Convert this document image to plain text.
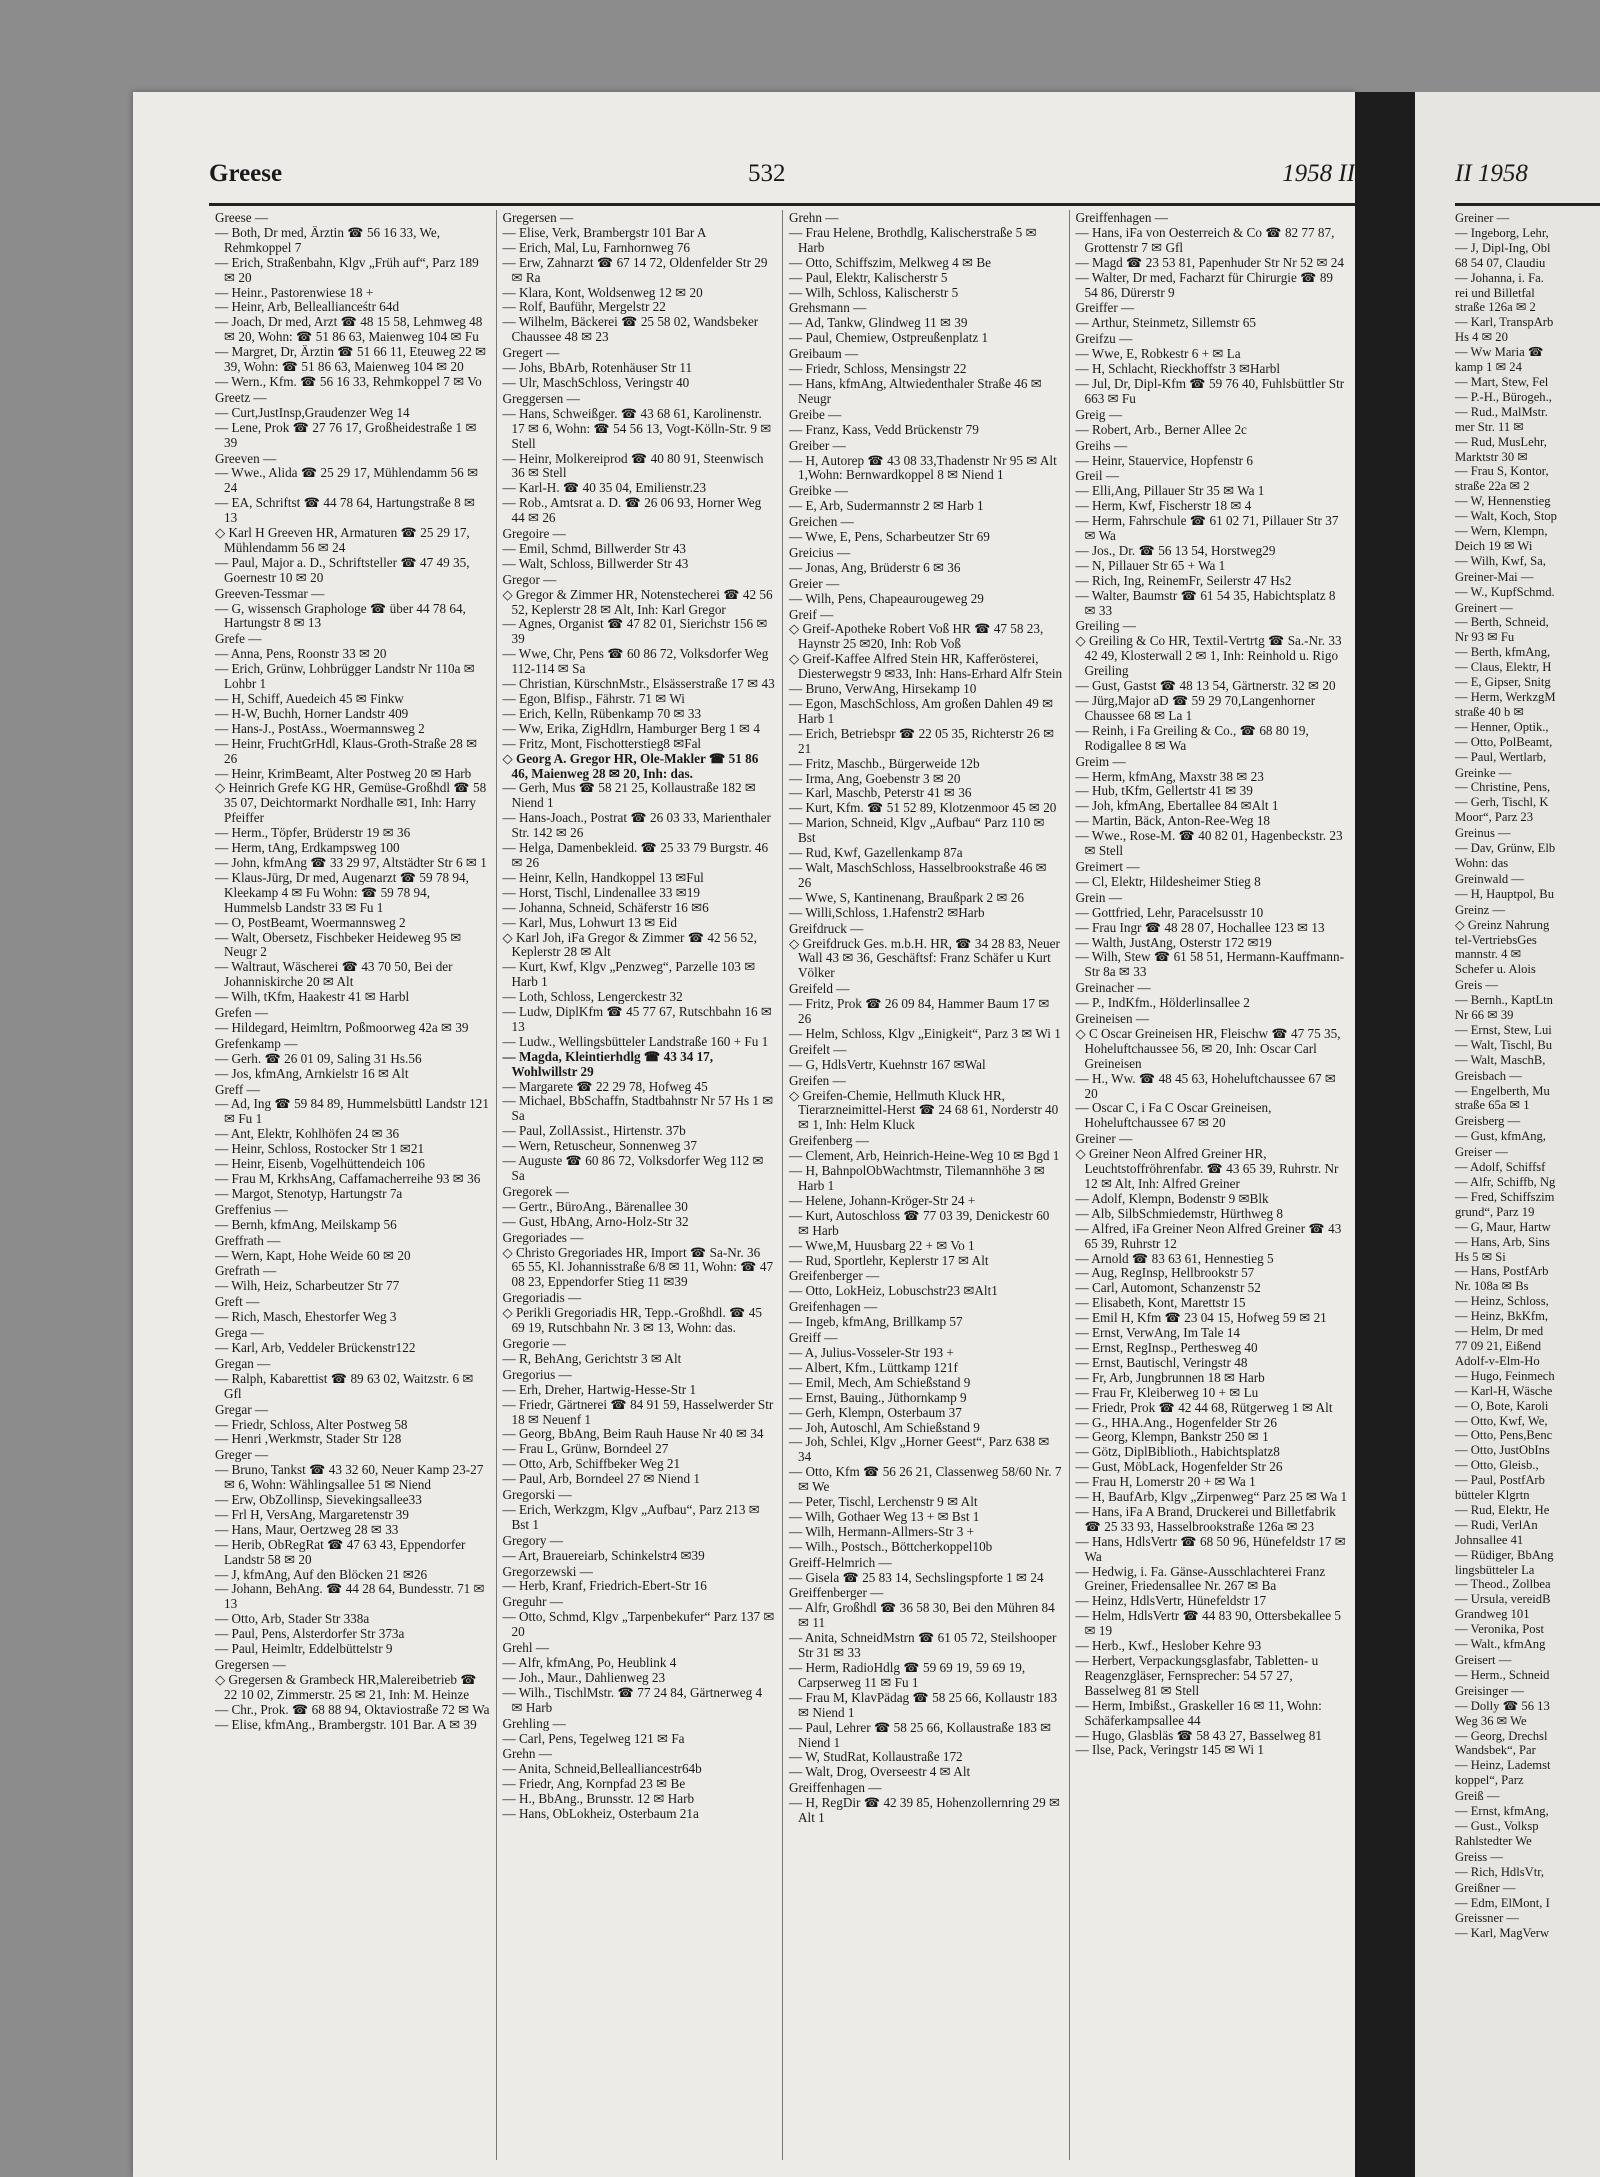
Greese	532	1958 II

Greese —

— Both, Dr med, Ärztin ☎ 56 16 33, We, Rehmkoppel 7

— Erich, Straßenbahn, Klgv „Früh auf“, Parz 189 ✉ 20

— Heinr., Pastorenwiese 18 +

— Heinr, Arb, Belleallianceśtr 64d

— Joach, Dr med, Arzt ☎ 48 15 58, Lehmweg 48 ✉ 20, Wohn: ☎ 51 86 63, Maienweg 104 ✉ Fu

— Margret, Dr, Ärztin ☎ 51 66 11, Eteuweg 22 ✉ 39, Wohn: ☎ 51 86 63, Maienweg 104 ✉ 20

— Wern., Kfm. ☎ 56 16 33, Rehmkoppel 7 ✉ Vo

Greetz —

— Curt,JustInsp,Graudenzer Weg 14

— Lene, Prok ☎ 27 76 17, Großheidestraße 1 ✉ 39

Greeven —

— Wwe., Alida ☎ 25 29 17, Mühlendamm 56 ✉ 24

— EA, Schriftst ☎ 44 78 64, Hartungstraße 8 ✉ 13

◇ Karl H Greeven HR, Armaturen ☎ 25 29 17, Mühlendamm 56 ✉ 24

— Paul, Major a. D., Schriftsteller ☎ 47 49 35, Goernestr 10 ✉ 20

Greeven-Tessmar —

— G, wissensch Graphologe ☎ über 44 78 64, Hartungstr 8 ✉ 13

Grefe —

— Anna, Pens, Roonstr 33 ✉ 20

— Erich, Grünw, Lohbrügger Landstr Nr 110a ✉ Lohbr 1

— H, Schiff, Auedeich 45 ✉ Finkw

— H-W, Buchh, Horner Landstr 409

— Hans-J., PostAss., Woermannsweg 2

— Heinr, FruchtGrHdl, Klaus-Groth-Straße 28 ✉ 26

— Heinr, KrimBeamt, Alter Postweg 20 ✉ Harb

◇ Heinrich Grefe KG HR, Gemüse-Großhdl ☎ 58 35 07, Deichtormarkt Nordhalle ✉1, Inh: Harry Pfeiffer

— Herm., Töpfer, Brüderstr 19 ✉ 36

— Herm, tAng, Erdkampsweg 100

— John, kfmAng ☎ 33 29 97, Altstädter Str 6 ✉ 1

— Klaus-Jürg, Dr med, Augenarzt ☎ 59 78 94, Kleekamp 4 ✉ Fu Wohn: ☎ 59 78 94, Hummelsb Landstr 33 ✉ Fu 1

— O, PostBeamt, Woermannsweg 2

— Walt, Obersetz, Fischbeker Heideweg 95 ✉ Neugr 2

— Waltraut, Wäscherei ☎ 43 70 50, Bei der Johanniskirche 20 ✉ Alt

— Wilh, tKfm, Haakestr 41 ✉ Harbl

Grefen —

— Hildegard, Heimltrn, Poßmoorweg 42a ✉ 39

Grefenkamp —

— Gerh. ☎ 26 01 09, Saling 31 Hs.56

— Jos, kfmAng, Arnkielstr 16 ✉ Alt

Greff —

— Ad, Ing ☎ 59 84 89, Hummelsbüttl Landstr 121 ✉ Fu 1

— Ant, Elektr, Kohlhöfen 24 ✉ 36

— Heinr, Schloss, Rostocker Str 1 ✉21

— Heinr, Eisenb, Vogelhüttendeich 106

— Frau M, KrkhsAng, Caffamacherreihe 93 ✉ 36

— Margot, Stenotyp, Hartungstr 7a

Greffenius —

— Bernh, kfmAng, Meilskamp 56

Greffrath —

— Wern, Kapt, Hohe Weide 60 ✉ 20

Grefrath —

— Wilh, Heiz, Scharbeutzer Str 77

Greft —

— Rich, Masch, Ehestorfer Weg 3

Grega —

— Karl, Arb, Veddeler Brückenstr122

Gregan —

— Ralph, Kabarettist ☎ 89 63 02, Waitzstr. 6 ✉ Gfl

Gregar —

— Friedr, Schloss, Alter Postweg 58

— Henri ,Werkmstr, Stader Str 128

Greger —

— Bruno, Tankst ☎ 43 32 60, Neuer Kamp 23-27 ✉ 6, Wohn: Wählingsallee 51 ✉ Niend

— Erw, ObZollinsp, Sievekingsallee33

— Frl H, VersAng, Margaretenstr 39

— Hans, Maur, Oertzweg 28 ✉ 33

— Herib, ObRegRat ☎ 47 63 43, Eppendorfer Landstr 58 ✉ 20

— J, kfmAng, Auf den Blöcken 21 ✉26

— Johann, BehAng. ☎ 44 28 64, Bundesstr. 71 ✉ 13

— Otto, Arb, Stader Str 338a

— Paul, Pens, Alsterdorfer Str 373a

— Paul, Heimltr, Eddelbüttelstr 9

Gregersen —

◇ Gregersen & Grambeck HR,Malereibetrieb ☎ 22 10 02, Zimmerstr. 25 ✉ 21, Inh: M. Heinze

— Chr., Prok. ☎ 68 88 94, Oktaviostraße 72 ✉ Wa

— Elise, kfmAng., Brambergstr. 101 Bar. A ✉ 39

Gregersen —

— Elise, Verk, Brambergstr 101 Bar A

— Erich, Mal, Lu, Farnhornweg 76

— Erw, Zahnarzt ☎ 67 14 72, Oldenfelder Str 29 ✉ Ra

— Klara, Kont, Woldsenweg 12 ✉ 20

— Rolf, Bauführ, Mergelstr 22

— Wilhelm, Bäckerei ☎ 25 58 02, Wandsbeker Chaussee 48 ✉ 23

Gregert —

— Johs, BbArb, Rotenhäuser Str 11

— Ulr, MaschSchloss, Veringstr 40

Greggersen —

— Hans, Schweißger. ☎ 43 68 61, Karolinenstr. 17 ✉ 6, Wohn: ☎ 54 56 13, Vogt-Kölln-Str. 9 ✉Stell

— Heinr, Molkereiprod ☎ 40 80 91, Steenwisch 36 ✉ Stell

— Karl-H. ☎ 40 35 04, Emilienstr.23

— Rob., Amtsrat a. D. ☎ 26 06 93, Horner Weg 44 ✉ 26

Gregoire —

— Emil, Schmd, Billwerder Str 43

— Walt, Schloss, Billwerder Str 43

Gregor —

◇ Gregor & Zimmer HR, Notenstecherei ☎ 42 56 52, Keplerstr 28 ✉ Alt, Inh: Karl Gregor

— Agnes, Organist ☎ 47 82 01, Sierichstr 156 ✉ 39

— Wwe, Chr, Pens ☎ 60 86 72, Volksdorfer Weg 112-114 ✉ Sa

— Christian, KürschnMstr., Elsässerstraße 17 ✉ 43

— Egon, Blfisp., Fährstr. 71 ✉ Wi

— Erich, Kelln, Rübenkamp 70 ✉ 33

— Ww, Erika, ZigHdlrn, Hamburger Berg 1 ✉ 4

— Fritz, Mont, Fischotterstieg8 ✉Fal

◇ Georg A. Gregor HR, Ole-Makler ☎ 51 86 46, Maienweg 28 ✉ 20, Inh: das.

— Gerh, Mus ☎ 58 21 25, Kollaustraße 182 ✉ Niend 1

— Hans-Joach., Postrat ☎ 26 03 33, Marienthaler Str. 142 ✉ 26

— Helga, Damenbekleid. ☎ 25 33 79 Burgstr. 46 ✉ 26

— Heinr, Kelln, Handkoppel 13 ✉Ful

— Horst, Tischl, Lindenallee 33 ✉19

— Johanna, Schneid, Schäferstr 16 ✉6

— Karl, Mus, Lohwurt 13 ✉ Eid

◇ Karl Joh, iFa Gregor & Zimmer ☎ 42 56 52, Keplerstr 28 ✉ Alt

— Kurt, Kwf, Klgv „Penzweg“, Parzelle 103 ✉ Harb 1

— Loth, Schloss, Lengerckestr 32

— Ludw, DiplKfm ☎ 45 77 67, Rutschbahn 16 ✉ 13

— Ludw., Wellingsbütteler Landstraße 160 + Fu 1

— Magda, Kleintierhdlg ☎ 43 34 17, Wohlwillstr 29

— Margarete ☎ 22 29 78, Hofweg 45

— Michael, BbSchaffn, Stadtbahnstr Nr 57 Hs 1 ✉ Sa

— Paul, ZollAssist., Hirtenstr. 37b

— Wern, Retuscheur, Sonnenweg 37

— Auguste ☎ 60 86 72, Volksdorfer Weg 112 ✉ Sa

Gregorek —

— Gertr., BüroAng., Bärenallee 30

— Gust, HbAng, Arno-Holz-Str 32

Gregoriades —

◇ Christo Gregoriades HR, Import ☎ Sa-Nr. 36 65 55, Kl. Johannisstraße 6/8 ✉ 11, Wohn: ☎ 47 08 23, Eppendorfer Stieg 11 ✉39

Gregoriadis —

◇ Perikli Gregoriadis HR, Tepp.-Großhdl. ☎ 45 69 19, Rutschbahn Nr. 3 ✉ 13, Wohn: das.

Gregorie —

— R, BehAng, Gerichtstr 3 ✉ Alt

Gregorius —

— Erh, Dreher, Hartwig-Hesse-Str 1

— Friedr, Gärtnerei ☎ 84 91 59, Hasselwerder Str 18 ✉ Neuenf 1

— Georg, BbAng, Beim Rauh Hause Nr 40 ✉ 34

— Frau L, Grünw, Borndeel 27

— Otto, Arb, Schiffbeker Weg 21

— Paul, Arb, Borndeel 27 ✉ Niend 1

Gregorski —

— Erich, Werkzgm, Klgv „Aufbau“, Parz 213 ✉ Bst 1

Gregory —

— Art, Brauereiarb, Schinkelstr4 ✉39

Gregorzewski —

— Herb, Kranf, Friedrich-Ebert-Str 16

Greguhr —

— Otto, Schmd, Klgv „Tarpenbekufer“ Parz 137 ✉ 20

Grehl —

— Alfr, kfmAng, Po, Heublink 4

— Joh., Maur., Dahlienweg 23

— Wilh., TischlMstr. ☎ 77 24 84, Gärtnerweg 4 ✉ Harb

Grehling —

— Carl, Pens, Tegelweg 121 ✉ Fa

Grehn —

— Anita, Schneid,Bellealliancestr64b

— Friedr, Ang, Kornpfad 23 ✉ Be

— H., BbAng., Brunsstr. 12 ✉ Harb

— Hans, ObLokheiz, Osterbaum 21a

Grehn —

— Frau Helene, Brothdlg, Kalischerstraße 5 ✉ Harb

— Otto, Schiffszim, Melkweg 4 ✉ Be

— Paul, Elektr, Kalischerstr 5

— Wilh, Schloss, Kalischerstr 5

Grehsmann —

— Ad, Tankw, Glindweg 11 ✉ 39

— Paul, Chemiew, Ostpreußenplatz 1

Greibaum —

— Friedr, Schloss, Mensingstr 22

— Hans, kfmAng, Altwiedenthaler Straße 46 ✉ Neugr

Greibe —

— Franz, Kass, Vedd Brückenstr 79

Greiber —

— H, Autorep ☎ 43 08 33,Thadenstr Nr 95 ✉ Alt 1,Wohn: Bernwardkoppel 8 ✉ Niend 1

Greibke —

— E, Arb, Sudermannstr 2 ✉ Harb 1

Greichen —

— Wwe, E, Pens, Scharbeutzer Str 69

Greicius —

— Jonas, Ang, Brüderstr 6 ✉ 36

Greier —

— Wilh, Pens, Chapeaurougeweg 29

Greif —

◇ Greif-Apotheke Robert Voß HR ☎ 47 58 23, Haynstr 25 ✉20, Inh: Rob Voß

◇ Greif-Kaffee Alfred Stein HR, Kafferösterei, Diesterwegstr 9 ✉33, Inh: Hans-Erhard Alfr Stein

— Bruno, VerwAng, Hirsekamp 10

— Egon, MaschSchloss, Am großen Dahlen 49 ✉ Harb 1

— Erich, Betriebspr ☎ 22 05 35, Richterstr 26 ✉ 21

— Fritz, Maschb., Bürgerweide 12b

— Irma, Ang, Goebenstr 3 ✉ 20

— Karl, Maschb, Peterstr 41 ✉ 36

— Kurt, Kfm. ☎ 51 52 89, Klotzenmoor 45 ✉ 20

— Marion, Schneid, Klgv „Aufbau“ Parz 110 ✉ Bst

— Rud, Kwf, Gazellenkamp 87a

— Walt, MaschSchloss, Hasselbrookstraße 46 ✉ 26

— Wwe, S, Kantinenang, Braußpark 2 ✉ 26

— Willi,Schloss, 1.Hafenstr2 ✉Harb

Greifdruck —

◇ Greifdruck Ges. m.b.H. HR, ☎ 34 28 83, Neuer Wall 43 ✉ 36, Geschäftsf: Franz Schäfer u Kurt Völker

Greifeld —

— Fritz, Prok ☎ 26 09 84, Hammer Baum 17 ✉ 26

— Helm, Schloss, Klgv „Einigkeit“, Parz 3 ✉ Wi 1

Greifelt —

— G, HdlsVertr, Kuehnstr 167 ✉Wal

Greifen —

◇ Greifen-Chemie, Hellmuth Kluck HR, Tierarzneimittel-Herst ☎ 24 68 61, Norderstr 40 ✉ 1, Inh: Helm Kluck

Greifenberg —

— Clement, Arb, Heinrich-Heine-Weg 10 ✉ Bgd 1

— H, BahnpolObWachtmstr, Tilemannhöhe 3 ✉ Harb 1

— Helene, Johann-Kröger-Str 24 +

— Kurt, Autoschloss ☎ 77 03 39, Denickestr 60 ✉ Harb

— Wwe,M, Huusbarg 22 + ✉ Vo 1

— Rud, Sportlehr, Keplerstr 17 ✉ Alt

Greifenberger —

— Otto, LokHeiz, Lobuschstr23 ✉Alt1

Greifenhagen —

— Ingeb, kfmAng, Brillkamp 57

Greiff —

— A, Julius-Vosseler-Str 193 +

— Albert, Kfm., Lüttkamp 121f

— Emil, Mech, Am Schießstand 9

— Ernst, Bauing., Jüthornkamp 9

— Gerh, Klempn, Osterbaum 37

— Joh, Autoschl, Am Schießstand 9

— Joh, Schlei, Klgv „Horner Geest“, Parz 638 ✉ 34

— Otto, Kfm ☎ 56 26 21, Classenweg 58/60 Nr. 7 ✉ We

— Peter, Tischl, Lerchenstr 9 ✉ Alt

— Wilh, Gothaer Weg 13 + ✉ Bst 1

— Wilh, Hermann-Allmers-Str 3 +

— Wilh., Postsch., Böttcherkoppel10b

Greiff-Helmrich —

— Gisela ☎ 25 83 14, Sechslingspforte 1 ✉ 24

Greiffenberger —

— Alfr, Großhdl ☎ 36 58 30, Bei den Mühren 84 ✉ 11

— Anita, SchneidMstrn ☎ 61 05 72, Steilshooper Str 31 ✉ 33

— Herm, RadioHdlg ☎ 59 69 19, 59 69 19, Carpserweg 11 ✉ Fu 1

— Frau M, KlavPädag ☎ 58 25 66, Kollaustr 183 ✉ Niend 1

— Paul, Lehrer ☎ 58 25 66, Kollaustraße 183 ✉ Niend 1

— W, StudRat, Kollaustraße 172

— Walt, Drog, Overseestr 4 ✉ Alt

Greiffenhagen —

— H, RegDir ☎ 42 39 85, Hohenzollernring 29 ✉ Alt 1

Greiffenhagen —

— Hans, iFa von Oesterreich & Co ☎ 82 77 87, Grottenstr 7 ✉ Gfl

— Magd ☎ 23 53 81, Papenhuder Str Nr 52 ✉ 24

— Walter, Dr med, Facharzt für Chirurgie ☎ 89 54 86, Dürerstr 9

Greiffer —

— Arthur, Steinmetz, Sillemstr 65

Greifzu —

— Wwe, E, Robkestr 6 + ✉ La

— H, Schlacht, Rieckhoffstr 3 ✉Harbl

— Jul, Dr, Dipl-Kfm ☎ 59 76 40, Fuhlsbüttler Str 663 ✉ Fu

Greig —

— Robert, Arb., Berner Allee 2c

Greihs —

— Heinr, Stauervice, Hopfenstr 6

Greil —

— Elli,Ang, Pillauer Str 35 ✉ Wa 1

— Herm, Kwf, Fischerstr 18 ✉ 4

— Herm, Fahrschule ☎ 61 02 71, Pillauer Str 37 ✉ Wa

— Jos., Dr. ☎ 56 13 54, Horstweg29

— N, Pillauer Str 65 + Wa 1

— Rich, Ing, ReinemFr, Seilerstr 47 Hs2

— Walter, Baumstr ☎ 61 54 35, Habichtsplatz 8 ✉ 33

Greiling —

◇ Greiling & Co HR, Textil-Vertrtg ☎ Sa.-Nr. 33 42 49, Klosterwall 2 ✉ 1, Inh: Reinhold u. Rigo Greiling

— Gust, Gastst ☎ 48 13 54, Gärtnerstr. 32 ✉ 20

— Jürg,Major aD ☎ 59 29 70,Langenhorner Chaussee 68 ✉ La 1

— Reinh, i Fa Greiling & Co., ☎ 68 80 19, Rodigallee 8 ✉ Wa

Greim —

— Herm, kfmAng, Maxstr 38 ✉ 23

— Hub, tKfm, Gellertstr 41 ✉ 39

— Joh, kfmAng, Ebertallee 84 ✉Alt 1

— Martin, Bäck, Anton-Ree-Weg 18

— Wwe., Rose-M. ☎ 40 82 01, Hagenbeckstr. 23 ✉ Stell

Greimert —

— Cl, Elektr, Hildesheimer Stieg 8

Grein —

— Gottfried, Lehr, Paracelsusstr 10

— Frau Ingr ☎ 48 28 07, Hochallee 123 ✉ 13

— Walth, JustAng, Osterstr 172 ✉19

— Wilh, Stew ☎ 61 58 51, Hermann-Kauffmann-Str 8a ✉ 33

Greinacher —

— P., IndKfm., Hölderlinsallee 2

Greineisen —

◇ C Oscar Greineisen HR, Fleischw ☎ 47 75 35, Hoheluftchaussee 56, ✉ 20, Inh: Oscar Carl Greineisen

— H., Ww. ☎ 48 45 63, Hoheluftchaussee 67 ✉ 20

— Oscar C, i Fa C Oscar Greineisen, Hoheluftchaussee 67 ✉ 20

Greiner —

◇ Greiner Neon Alfred Greiner HR, Leuchtstoffröhrenfabr. ☎ 43 65 39, Ruhrstr. Nr 12 ✉ Alt, Inh: Alfred Greiner

— Adolf, Klempn, Bodenstr 9 ✉Blk

— Alb, SilbSchmiedemstr, Hürthweg 8

— Alfred, iFa Greiner Neon Alfred Greiner ☎ 43 65 39, Ruhrstr 12

— Arnold ☎ 83 63 61, Hennestieg 5

— Aug, RegInsp, Hellbrookstr 57

— Carl, Automont, Schanzenstr 52

— Elisabeth, Kont, Marettstr 15

— Emil H, Kfm ☎ 23 04 15, Hofweg 59 ✉ 21

— Ernst, VerwAng, Im Tale 14

— Ernst, RegInsp., Perthesweg 40

— Ernst, Bautischl, Veringstr 48

— Fr, Arb, Jungbrunnen 18 ✉ Harb

— Frau Fr, Kleiberweg 10 + ✉ Lu

— Friedr, Prok ☎ 42 44 68, Rütgerweg 1 ✉ Alt

— G., HHA.Ang., Hogenfelder Str 26

— Georg, Klempn, Bankstr 250 ✉ 1

— Götz, DiplBiblioth., Habichtsplatz8

— Gust, MöbLack, Hogenfelder Str 26

— Frau H, Lomerstr 20 + ✉ Wa 1

— H, BaufArb, Klgv „Zirpenweg“ Parz 25 ✉ Wa 1

— Hans, iFa A Brand, Druckerei und Billetfabrik ☎ 25 33 93, Hasselbrookstraße 126a ✉ 23

— Hans, HdlsVertr ☎ 68 50 96, Hünefeldstr 17 ✉ Wa

— Hedwig, i. Fa. Gänse-Ausschlachterei Franz Greiner, Friedensallee Nr. 267 ✉ Ba

— Heinz, HdlsVertr, Hünefeldstr 17

— Helm, HdlsVertr ☎ 44 83 90, Ottersbekallee 5 ✉ 19

— Herb., Kwf., Heslober Kehre 93

— Herbert, Verpackungsglasfabr, Tabletten- u Reagenzgläser, Fernsprecher: 54 57 27, Basselweg 81 ✉ Stell

— Herm, Imbißst., Graskeller 16 ✉ 11, Wohn: Schäferkampsallee 44

— Hugo, Glasbläs ☎ 58 43 27, Basselweg 81

— Ilse, Pack, Veringstr 145 ✉ Wi 1

II 1958

Greiner —

— Ingeborg, Lehr,

— J, Dipl-Ing, Obl

68 54 07, Claudiu

— Johanna, i. Fa.

rei und Billetfal

straße 126a ✉ 2

— Karl, TranspArb

Hs 4 ✉ 20

— Ww Maria ☎

kamp 1 ✉ 24

— Mart, Stew, Fel

— P.-H., Bürogeh.,

— Rud., MalMstr.

mer Str. 11 ✉

— Rud, MusLehr,

Marktstr 30 ✉

— Frau S, Kontor,

straße 22a ✉ 2

— W, Hennenstieg

— Walt, Koch, Stop

— Wern, Klempn,

Deich 19 ✉ Wi

— Wilh, Kwf, Sa,

Greiner-Mai —

— W., KupfSchmd.

Greinert —

— Berth, Schneid,

Nr 93 ✉ Fu

— Berth, kfmAng,

— Claus, Elektr, H

— E, Gipser, Snitg

— Herm, WerkzgM

straße 40 b ✉

— Henner, Optik.,

— Otto, PolBeamt,

— Paul, Wertlarb,

Greinke —

— Christine, Pens,

— Gerh, Tischl, K

Moor“, Parz 23

Greinus —

— Dav, Grünw, Elb

Wohn: das

Greinwald —

— H, Hauptpol, Bu

Greinz —

◇ Greinz Nahrung

tel-VertriebsGes

mannstr. 4 ✉

Schefer u. Alois

Greis —

— Bernh., KaptLtn

Nr 66 ✉ 39

— Ernst, Stew, Lui

— Walt, Tischl, Bu

— Walt, MaschB,

Greisbach —

— Engelberth, Mu

straße 65a ✉ 1

Greisberg —

— Gust, kfmAng,

Greiser —

— Adolf, Schiffsf

— Alfr, Schiffb, Ng

— Fred, Schiffszim

grund“, Parz 19

— G, Maur, Hartw

— Hans, Arb, Sins

Hs 5 ✉ Si

— Hans, PostfArb

Nr. 108a ✉ Bs

— Heinz, Schloss,

— Heinz, BkKfm,

— Helm, Dr med

77 09 21, Eißend

Adolf-v-Elm-Ho

— Hugo, Feinmech

— Karl-H, Wäsche

— O, Bote, Karoli

— Otto, Kwf, We,

— Otto, Pens,Benc

— Otto, JustObIns

— Otto, Gleisb.,

— Paul, PostfArb

bütteler Klgrtn

— Rud, Elektr, He

— Rudi, VerlAn

Johnsallee 41

— Rüdiger, BbAng

lingsbütteler La

— Theod., Zollbea

— Ursula, vereidB

Grandweg 101

— Veronika, Post

— Walt., kfmAng

Greisert —

— Herm., Schneid

Greisinger —

— Dolly ☎ 56 13

Weg 36 ✉ We

— Georg, Drechsl

Wandsbek“, Par

— Heinz, Lademst

koppel“, Parz

Greiß —

— Ernst, kfmAng,

— Gust., Volksp

Rahlstedter We

Greiss —

— Rich, HdlsVtr,

Greißner —

— Edm, ElMont, I

Greissner —

— Karl, MagVerw
